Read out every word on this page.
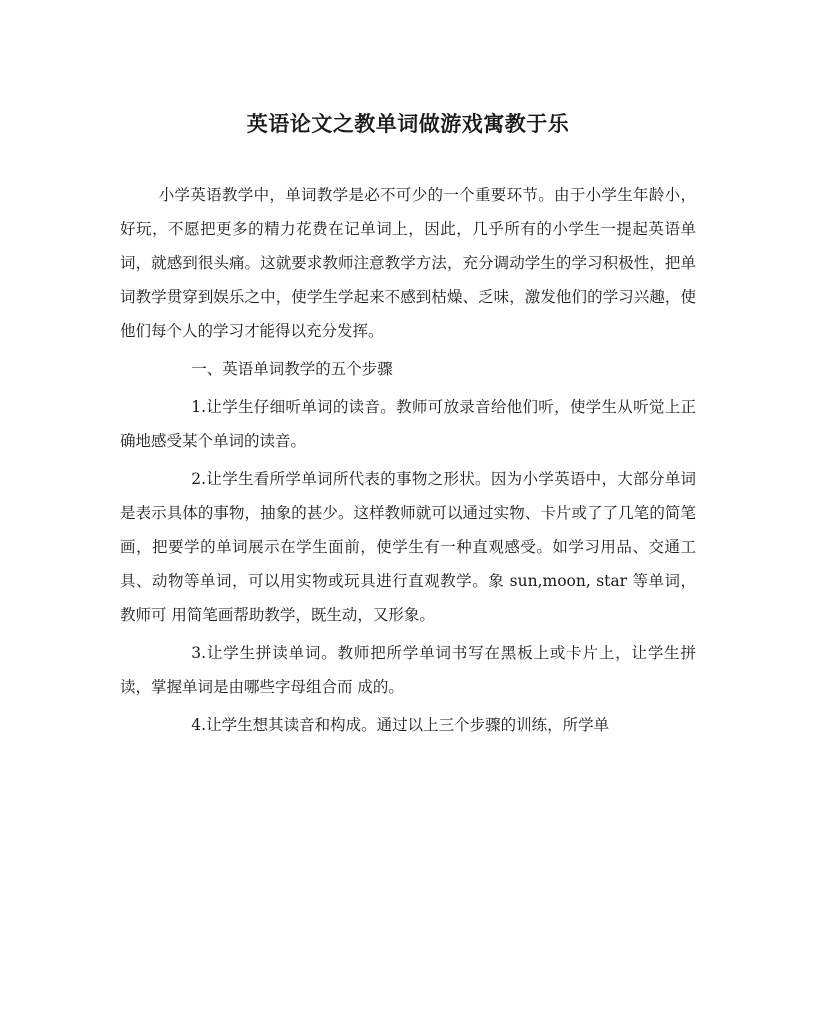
英语论文之教单词做游戏寓教于乐

小学英语教学中，单词教学是必不可少的一个重要环节。由于小学生年龄小，好玩，不愿把更多的精力花费在记单词上，因此，几乎所有的小学生一提起英语单词，就感到很头痛。这就要求教师注意教学方法，充分调动学生的学习积极性，把单词教学贯穿到娱乐之中，使学生学起来不感到枯燥、乏味，激发他们的学习兴趣，使他们每个人的学习才能得以充分发挥。

一、英语单词教学的五个步骤

1.让学生仔细听单词的读音。教师可放录音给他们听，使学生从听觉上正确地感受某个单词的读音。

2.让学生看所学单词所代表的事物之形状。因为小学英语中，大部分单词是表示具体的事物，抽象的甚少。这样教师就可以通过实物、卡片或了了几笔的简笔画，把要学的单词展示在学生面前，使学生有一种直观感受。如学习用品、交通工具、动物等单词，可以用实物或玩具进行直观教学。象 sun,moon, star 等单词，教师可 用简笔画帮助教学，既生动，又形象。

3.让学生拼读单词。教师把所学单词书写在黑板上或卡片上，让学生拼读，掌握单词是由哪些字母组合而 成的。

4.让学生想其读音和构成。通过以上三个步骤的训练，所学单
